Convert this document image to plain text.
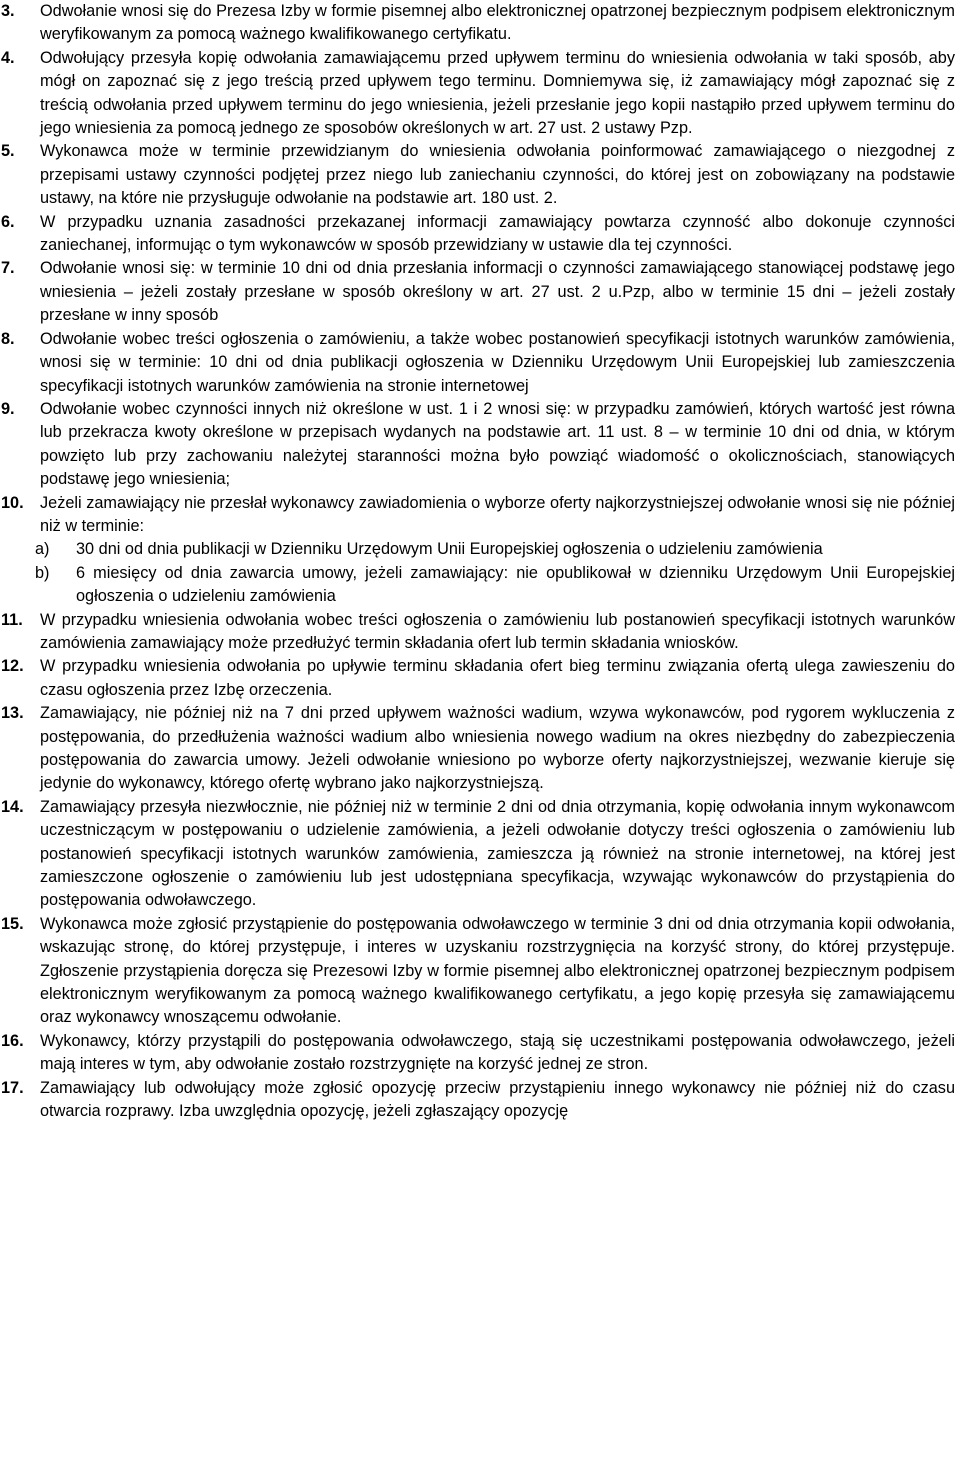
3. Odwołanie wnosi się do Prezesa Izby w formie pisemnej albo elektronicznej opatrzonej bezpiecznym podpisem elektronicznym weryfikowanym za pomocą ważnego kwalifikowanego certyfikatu.

4. Odwołujący przesyła kopię odwołania zamawiającemu przed upływem terminu do wniesienia odwołania w taki sposób, aby mógł on zapoznać się z jego treścią przed upływem tego terminu. Domniemywa się, iż zamawiający mógł zapoznać się z treścią odwołania przed upływem terminu do jego wniesienia, jeżeli przesłanie jego kopii nastąpiło przed upływem terminu do jego wniesienia za pomocą jednego ze sposobów określonych w art. 27 ust. 2 ustawy Pzp.

5. Wykonawca może w terminie przewidzianym do wniesienia odwołania poinformować zamawiającego o niezgodnej z przepisami ustawy czynności podjętej przez niego lub zaniechaniu czynności, do której jest on zobowiązany na podstawie ustawy, na które nie przysługuje odwołanie na podstawie art. 180 ust. 2.

6. W przypadku uznania zasadności przekazanej informacji zamawiający powtarza czynność albo dokonuje czynności zaniechanej, informując o tym wykonawców w sposób przewidziany w ustawie dla tej czynności.

7. Odwołanie wnosi się: w terminie 10 dni od dnia przesłania informacji o czynności zamawiającego stanowiącej podstawę jego wniesienia – jeżeli zostały przesłane w sposób określony w art. 27 ust. 2 u.Pzp, albo w terminie 15 dni – jeżeli zostały przesłane w inny sposób

8. Odwołanie wobec treści ogłoszenia o zamówieniu, a także wobec postanowień specyfikacji istotnych warunków zamówienia, wnosi się w terminie: 10 dni od dnia publikacji ogłoszenia w Dzienniku Urzędowym Unii Europejskiej lub zamieszczenia specyfikacji istotnych warunków zamówienia na stronie internetowej

9. Odwołanie wobec czynności innych niż określone w ust. 1 i 2 wnosi się: w przypadku zamówień, których wartość jest równa lub przekracza kwoty określone w przepisach wydanych na podstawie art. 11 ust. 8 – w terminie 10 dni od dnia, w którym powzięto lub przy zachowaniu należytej staranności można było powziąć wiadomość o okolicznościach, stanowiących podstawę jego wniesienia;

10. Jeżeli zamawiający nie przesłał wykonawcy zawiadomienia o wyborze oferty najkorzystniejszej odwołanie wnosi się nie później niż w terminie:

a) 30 dni od dnia publikacji w Dzienniku Urzędowym Unii Europejskiej ogłoszenia o udzieleniu zamówienia

b) 6 miesięcy od dnia zawarcia umowy, jeżeli zamawiający: nie opublikował w dzienniku Urzędowym Unii Europejskiej ogłoszenia o udzieleniu zamówienia

11. W przypadku wniesienia odwołania wobec treści ogłoszenia o zamówieniu lub postanowień specyfikacji istotnych warunków zamówienia zamawiający może przedłużyć termin składania ofert lub termin składania wniosków.

12. W przypadku wniesienia odwołania po upływie terminu składania ofert bieg terminu związania ofertą ulega zawieszeniu do czasu ogłoszenia przez Izbę orzeczenia.

13. Zamawiający, nie później niż na 7 dni przed upływem ważności wadium, wzywa wykonawców, pod rygorem wykluczenia z postępowania, do przedłużenia ważności wadium albo wniesienia nowego wadium na okres niezbędny do zabezpieczenia postępowania do zawarcia umowy. Jeżeli odwołanie wniesiono po wyborze oferty najkorzystniejszej, wezwanie kieruje się jedynie do wykonawcy, którego ofertę wybrano jako najkorzystniejszą.

14. Zamawiający przesyła niezwłocznie, nie później niż w terminie 2 dni od dnia otrzymania, kopię odwołania innym wykonawcom uczestniczącym w postępowaniu o udzielenie zamówienia, a jeżeli odwołanie dotyczy treści ogłoszenia o zamówieniu lub postanowień specyfikacji istotnych warunków zamówienia, zamieszcza ją również na stronie internetowej, na której jest zamieszczone ogłoszenie o zamówieniu lub jest udostępniana specyfikacja, wzywając wykonawców do przystąpienia do postępowania odwoławczego.

15. Wykonawca może zgłosić przystąpienie do postępowania odwoławczego w terminie 3 dni od dnia otrzymania kopii odwołania, wskazując stronę, do której przystępuje, i interes w uzyskaniu rozstrzygnięcia na korzyść strony, do której przystępuje. Zgłoszenie przystąpienia doręcza się Prezesowi Izby w formie pisemnej albo elektronicznej opatrzonej bezpiecznym podpisem elektronicznym weryfikowanym za pomocą ważnego kwalifikowanego certyfikatu, a jego kopię przesyła się zamawiającemu oraz wykonawcy wnoszącemu odwołanie.

16. Wykonawcy, którzy przystąpili do postępowania odwoławczego, stają się uczestnikami postępowania odwoławczego, jeżeli mają interes w tym, aby odwołanie zostało rozstrzygnięte na korzyść jednej ze stron.

17. Zamawiający lub odwołujący może zgłosić opozycję przeciw przystąpieniu innego wykonawcy nie później niż do czasu otwarcia rozprawy. Izba uwzględnia opozycję, jeżeli zgłaszający opozycję
